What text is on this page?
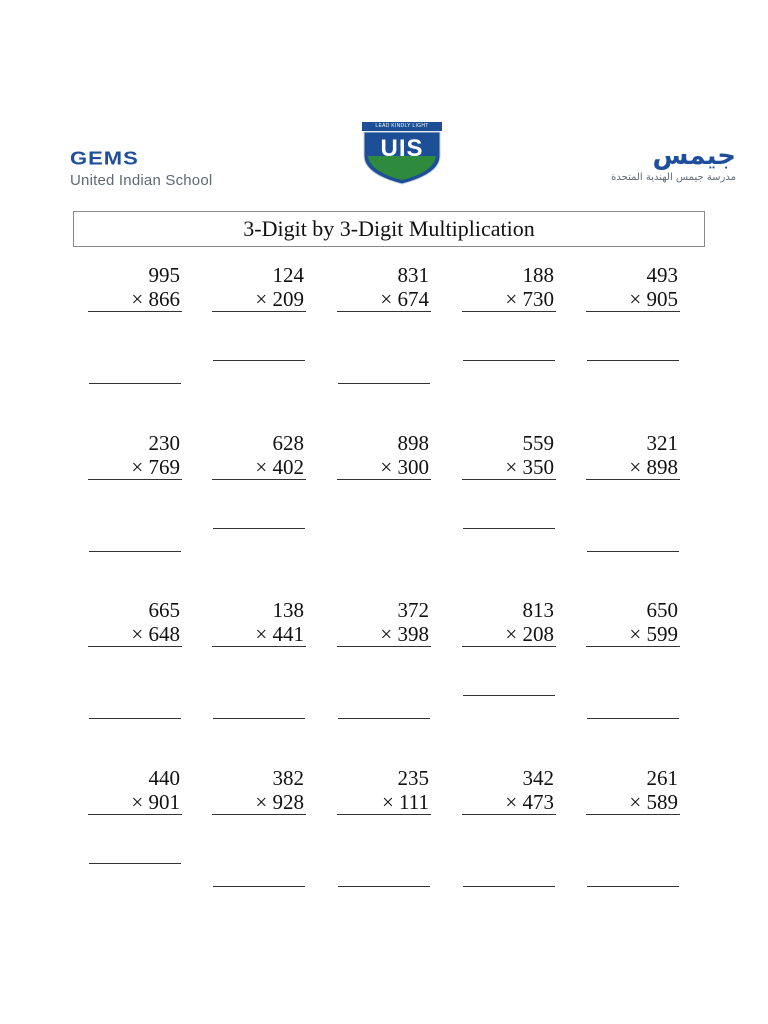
GEMS
United Indian School
LEAD KINDLY LIGHT
UIS	جيمس
مدرسة جيمس الهندية المتحدة
3-Digit by 3-Digit Multiplication
995
× 866
124
× 209
831
× 674
188
× 730
493
× 905
230
× 769
628
× 402
898
× 300
559
× 350
321
× 898
665
× 648
138
× 441
372
× 398
813
× 208
650
× 599
440
× 901
382
× 928
235
× 111
342
× 473
261
× 589
